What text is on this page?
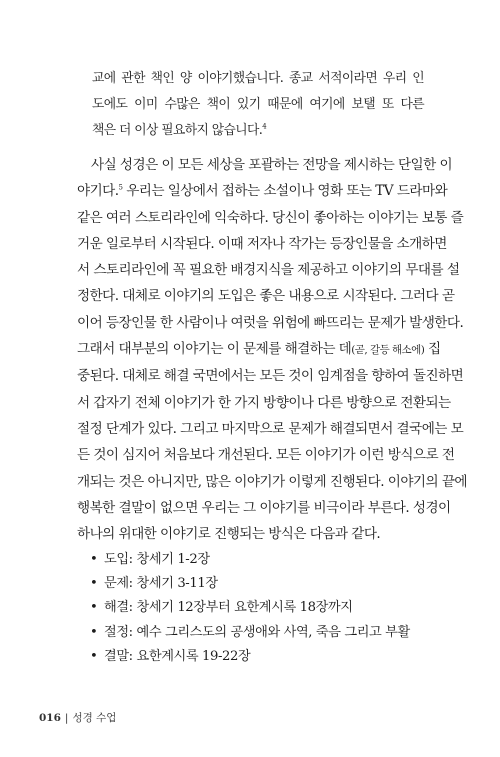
교에 관한 책인 양 이야기했습니다. 종교 서적이라면 우리 인
도에도 이미 수많은 책이 있기 때문에 여기에 보탤 또 다른
책은 더 이상 필요하지 않습니다.$^4$
사실 성경은 이 모든 세상을 포괄하는 전망을 제시하는 단일한 이
야기다.$^5$ 우리는 일상에서 접하는 소설이나 영화 또는 TV 드라마와
같은 여러 스토리라인에 익숙하다. 당신이 좋아하는 이야기는 보통 즐
거운 일로부터 시작된다. 이때 저자나 작가는 등장인물을 소개하면
서 스토리라인에 꼭 필요한 배경지식을 제공하고 이야기의 무대를 설
정한다. 대체로 이야기의 도입은 좋은 내용으로 시작된다. 그러다 곧
이어 등장인물 한 사람이나 여럿을 위험에 빠뜨리는 문제가 발생한다.
그래서 대부분의 이야기는 이 문제를 해결하는 데(곧, 갈등 해소에) 집
중된다. 대체로 해결 국면에서는 모든 것이 임계점을 향하여 돌진하면
서 갑자기 전체 이야기가 한 가지 방향이나 다른 방향으로 전환되는
절정 단계가 있다. 그리고 마지막으로 문제가 해결되면서 결국에는 모
든 것이 심지어 처음보다 개선된다. 모든 이야기가 이런 방식으로 전
개되는 것은 아니지만, 많은 이야기가 이렇게 진행된다. 이야기의 끝에
행복한 결말이 없으면 우리는 그 이야기를 비극이라 부른다. 성경이
하나의 위대한 이야기로 진행되는 방식은 다음과 같다.
• 도입: 창세기 1-2장
• 문제: 창세기 3-11장
• 해결: 창세기 12장부터 요한계시록 18장까지
• 절정: 예수 그리스도의 공생애와 사역, 죽음 그리고 부활
• 결말: 요한계시록 19-22장
016 | 성경 수업
